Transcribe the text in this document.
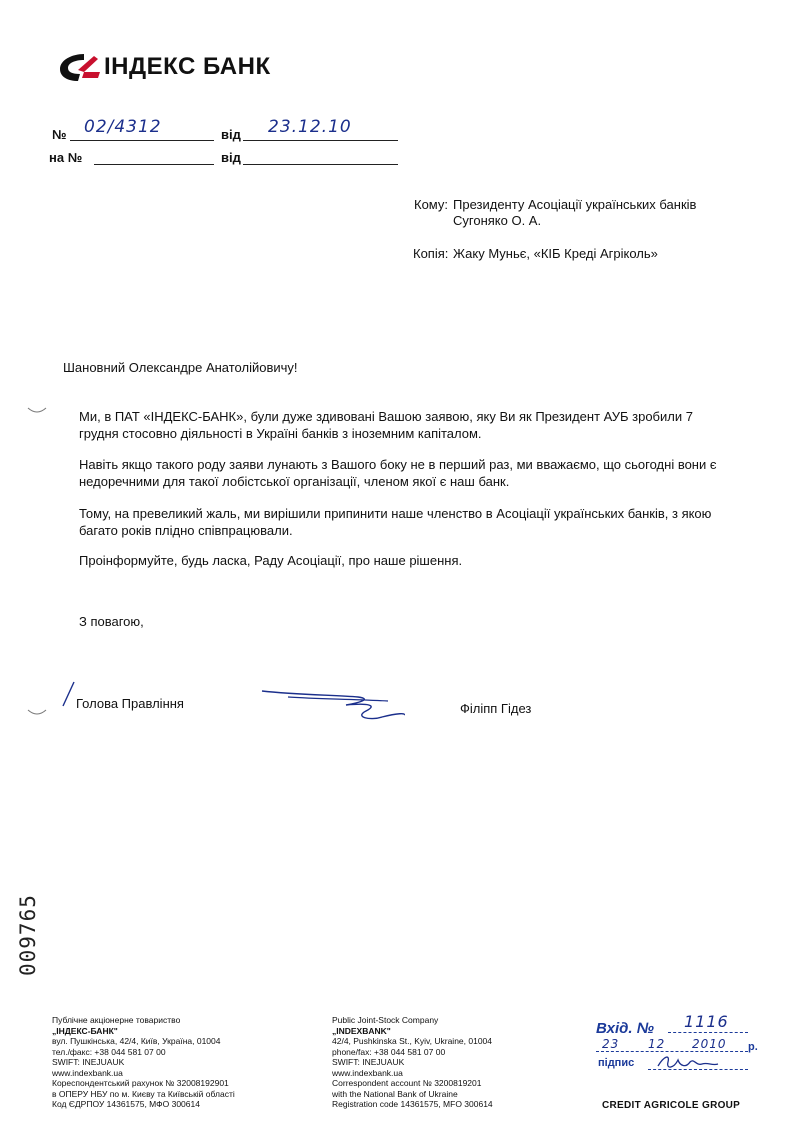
ІНДЕКС БАНК
№ 02/4312	від 23.12.10
на №	від
Кому: Президенту Асоціації українських банків
Сугоняко О. А.
Копія: Жаку Муньє, «КІБ Креді Агріколь»
Шановний Олександре Анатолійовичу!
Ми, в ПАТ «ІНДЕКС-БАНК», були дуже здивовані Вашою заявою, яку Ви як Президент АУБ зробили 7 грудня стосовно діяльності в Україні банків з іноземним капіталом.
Навіть якщо такого роду заяви лунають з Вашого боку не в перший раз, ми вважаємо, що сьогодні вони є недоречними для такої лобістської організації, членом якої є наш банк.
Тому, на превеликий жаль, ми вирішили припинити наше членство в Асоціації українських банків, з якою багато років плідно співпрацювали.
Проінформуйте, будь ласка, Раду Асоціації, про наше рішення.
З повагою,
Голова Правління	Філіпп Гідез
009765
Публічне акціонерне товариство
„ІНДЕКС-БАНК"
вул. Пушкінська, 42/4, Київ, Україна, 01004
тел./факс: +38 044 581 07 00
SWIFT: INEJUAUK
www.indexbank.ua
Кореспондентський рахунок № 32008192901
в ОПЕРУ НБУ по м. Києву та Київській області
Код ЄДРПОУ 14361575, МФО 300614
Public Joint-Stock Company
„INDEXBANK"
42/4, Pushkinska St., Kyiv, Ukraine, 01004
phone/fax: +38 044 581 07 00
SWIFT: INEJUAUK
www.indexbank.ua
Correspondent account № 3200819201
with the National Bank of Ukraine
Registration code 14361575, MFO 300614
Вхід. № 1116
23 12 2010 р.
підпис
CREDIT AGRICOLE GROUP
